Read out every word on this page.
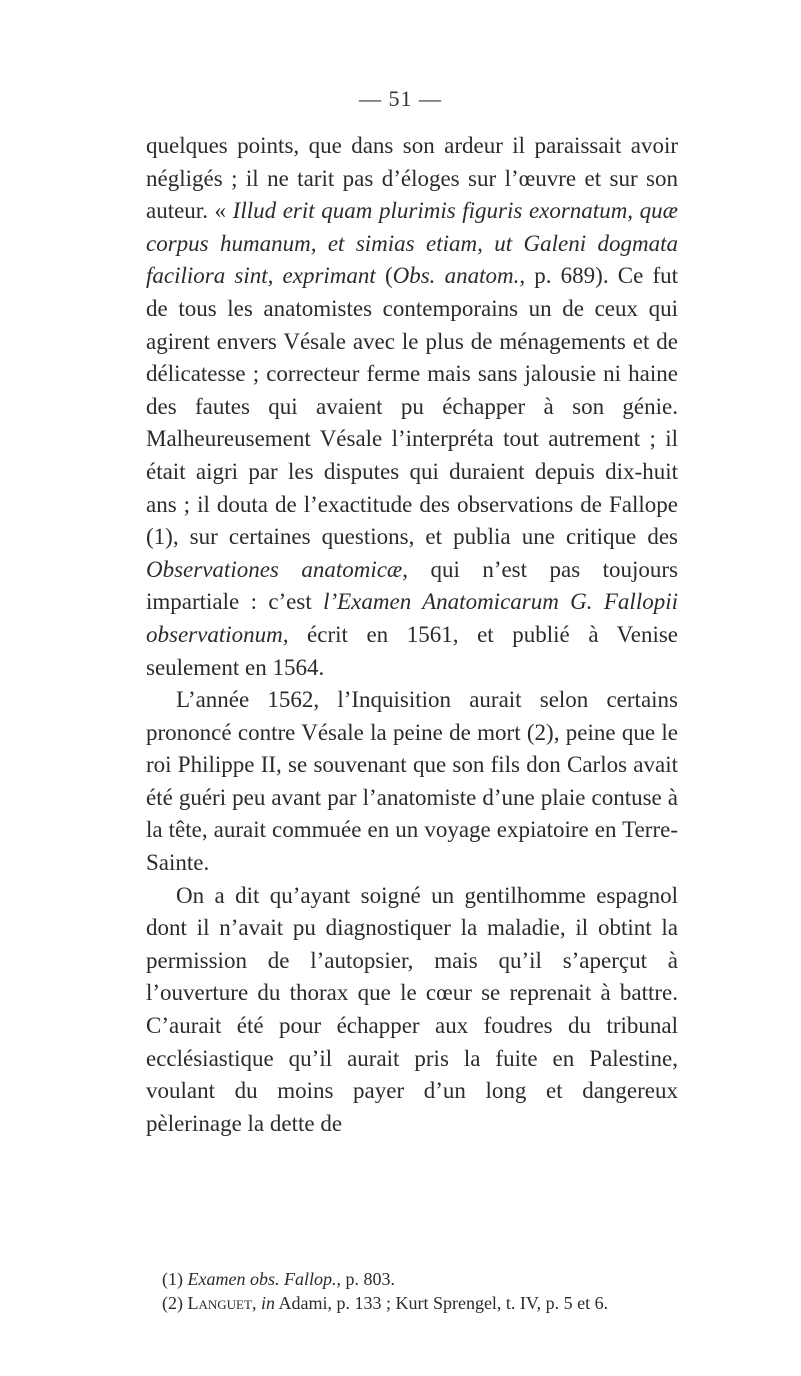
— 51 —

quelques points, que dans son ardeur il paraissait avoir négligés ; il ne tarit pas d’éloges sur l’œuvre et sur son auteur. « Illud erit quam plurimis figuris exornatum, quæ corpus humanum, et simias etiam, ut Galeni dogmata faciliora sint, exprimant (Obs. anatom., p. 689). Ce fut de tous les anatomistes contemporains un de ceux qui agirent envers Vésale avec le plus de ménagements et de délicatesse ; correcteur ferme mais sans jalousie ni haine des fautes qui avaient pu échapper à son génie. Malheureusement Vésale l’interpréta tout autrement ; il était aigri par les disputes qui duraient depuis dix-huit ans ; il douta de l’exactitude des observations de Fallope (1), sur certaines questions, et publia une critique des Observationes anatomicæ, qui n’est pas toujours impartiale : c’est l’Examen Anatomicarum G. Fallopii observationum, écrit en 1561, et publié à Venise seulement en 1564.

L’année 1562, l’Inquisition aurait selon certains prononcé contre Vésale la peine de mort (2), peine que le roi Philippe II, se souvenant que son fils don Carlos avait été guéri peu avant par l’anatomiste d’une plaie contuse à la tête, aurait commuée en un voyage expiatoire en Terre-Sainte.

On a dit qu’ayant soigné un gentilhomme espagnol dont il n’avait pu diagnostiquer la maladie, il obtint la permission de l’autopsier, mais qu’il s’aperçut à l’ouverture du thorax que le cœur se reprenait à battre. C’aurait été pour échapper aux foudres du tribunal ecclésiastique qu’il aurait pris la fuite en Palestine, voulant du moins payer d’un long et dangereux pèlerinage la dette de

(1) Examen obs. Fallop., p. 803.
(2) Languet, in Adami, p. 133 ; Kurt Sprengel, t. IV, p. 5 et 6.
